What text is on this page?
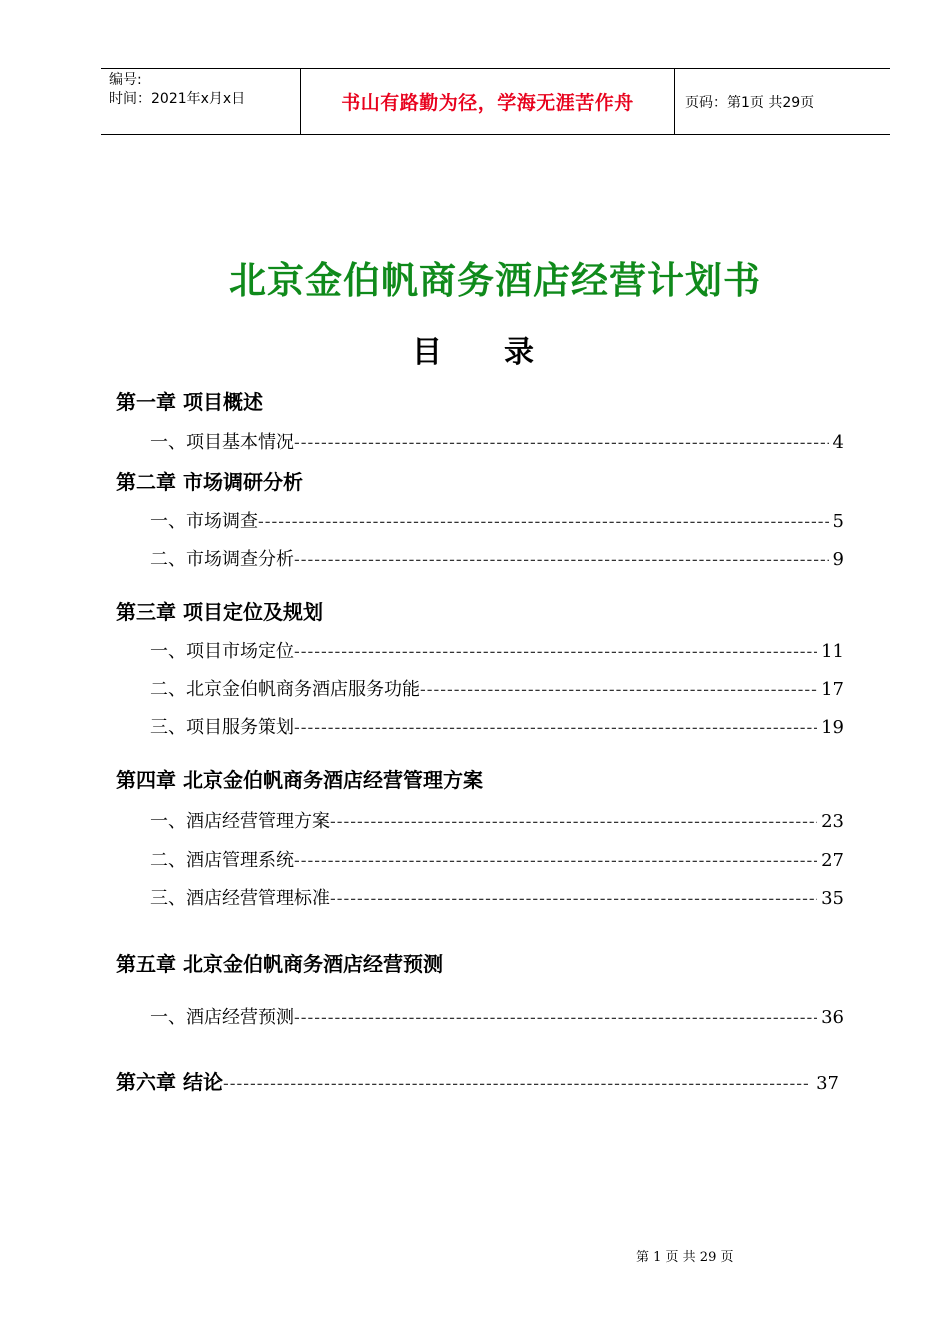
编号:
时间：2021年x月x日	书山有路勤为径，学海无涯苦作舟	页码：第1页 共29页
北京金伯帆商务酒店经营计划书
目 录
第一章 项目概述
一、项目基本情况 -----	4
第二章 市场调研分析
一、市场调查 -----	5
二、市场调查分析 -----	9
第三章 项目定位及规划
一、项目市场定位 -----	11
二、北京金伯帆商务酒店服务功能 -----	17
三、项目服务策划 -----	19
第四章 北京金伯帆商务酒店经营管理方案
一、酒店经营管理方案 -----	23
二、酒店管理系统 -----	27
三、酒店经营管理标准 -----	35
第五章 北京金伯帆商务酒店经营预测
一、酒店经营预测 -----	36
第六章 结论 -----	37
第 1 页 共 29 页
